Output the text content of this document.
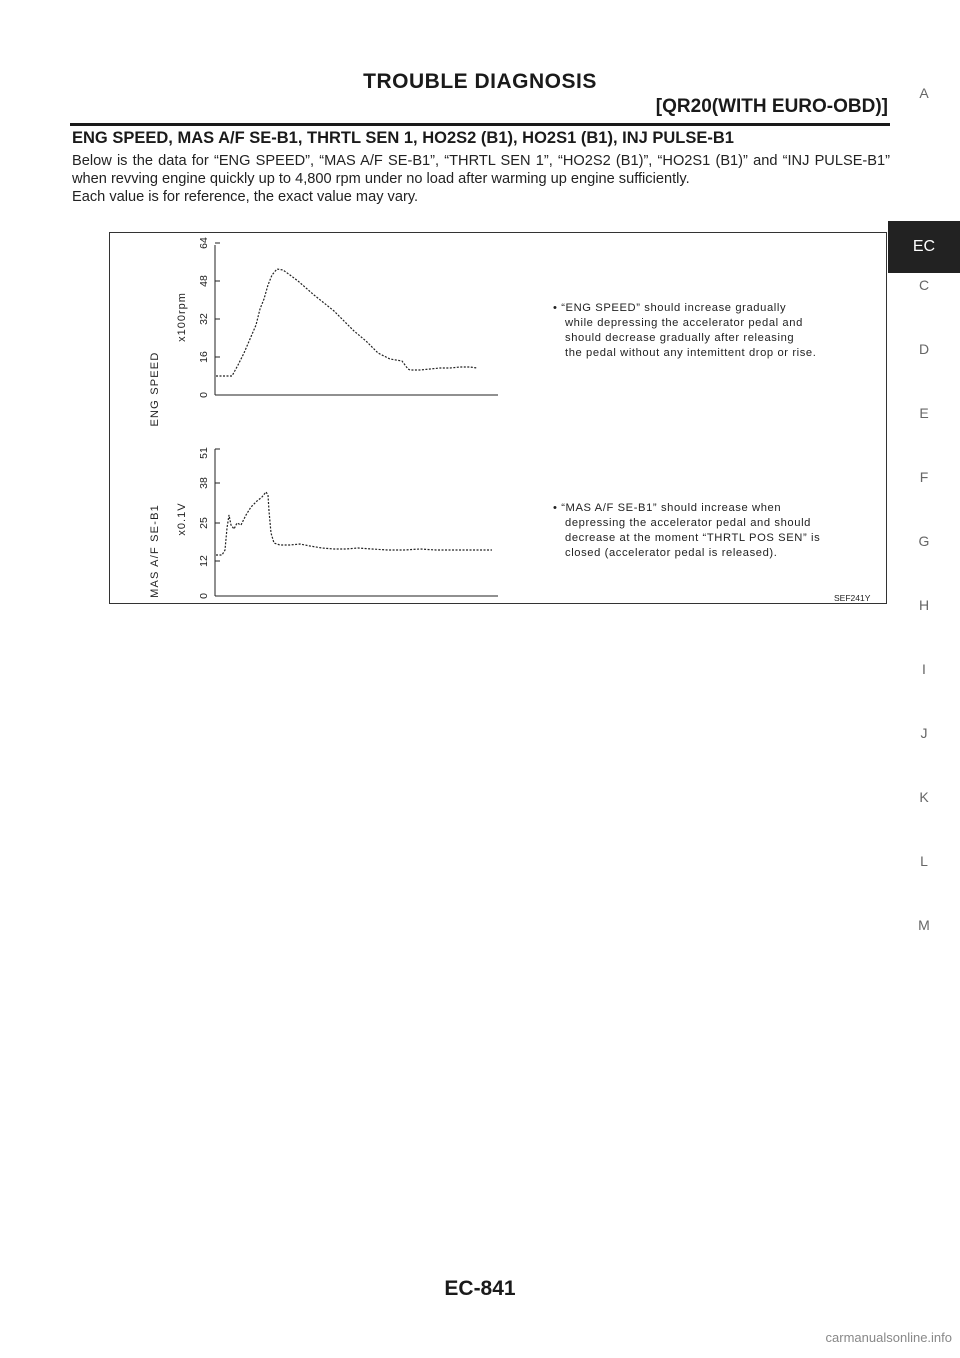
TROUBLE DIAGNOSIS
[QR20(WITH EURO-OBD)]
ENG SPEED, MAS A/F SE-B1, THRTL SEN 1, HO2S2 (B1), HO2S1 (B1), INJ PULSE-B1

Below is the data for “ENG SPEED”, “MAS A/F SE-B1”, “THRTL SEN 1”, “HO2S2 (B1)”, “HO2S1 (B1)” and “INJ PULSE-B1” when revving engine quickly up to 4,800 rpm under no load after warming up engine sufficiently.

Each value is for reference, the exact value may vary.

ENG SPEED
x100rpm
0
16
32
48
64
• “ENG SPEED” should increase gradually
while depressing the accelerator pedal and
should decrease gradually after releasing
the pedal without any intemittent drop or rise.
MAS A/F SE-B1 x0.1V
0
12
25
38
51
• “MAS A/F SE-B1” should increase when
depressing the accelerator pedal and should
decrease at the moment “THRTL POS SEN” is
closed (accelerator pedal is released).
SEF241Y
A
EC
C
D
E
F
G
H
I
J
K
L
M
EC-841
carmanualsonline.info
